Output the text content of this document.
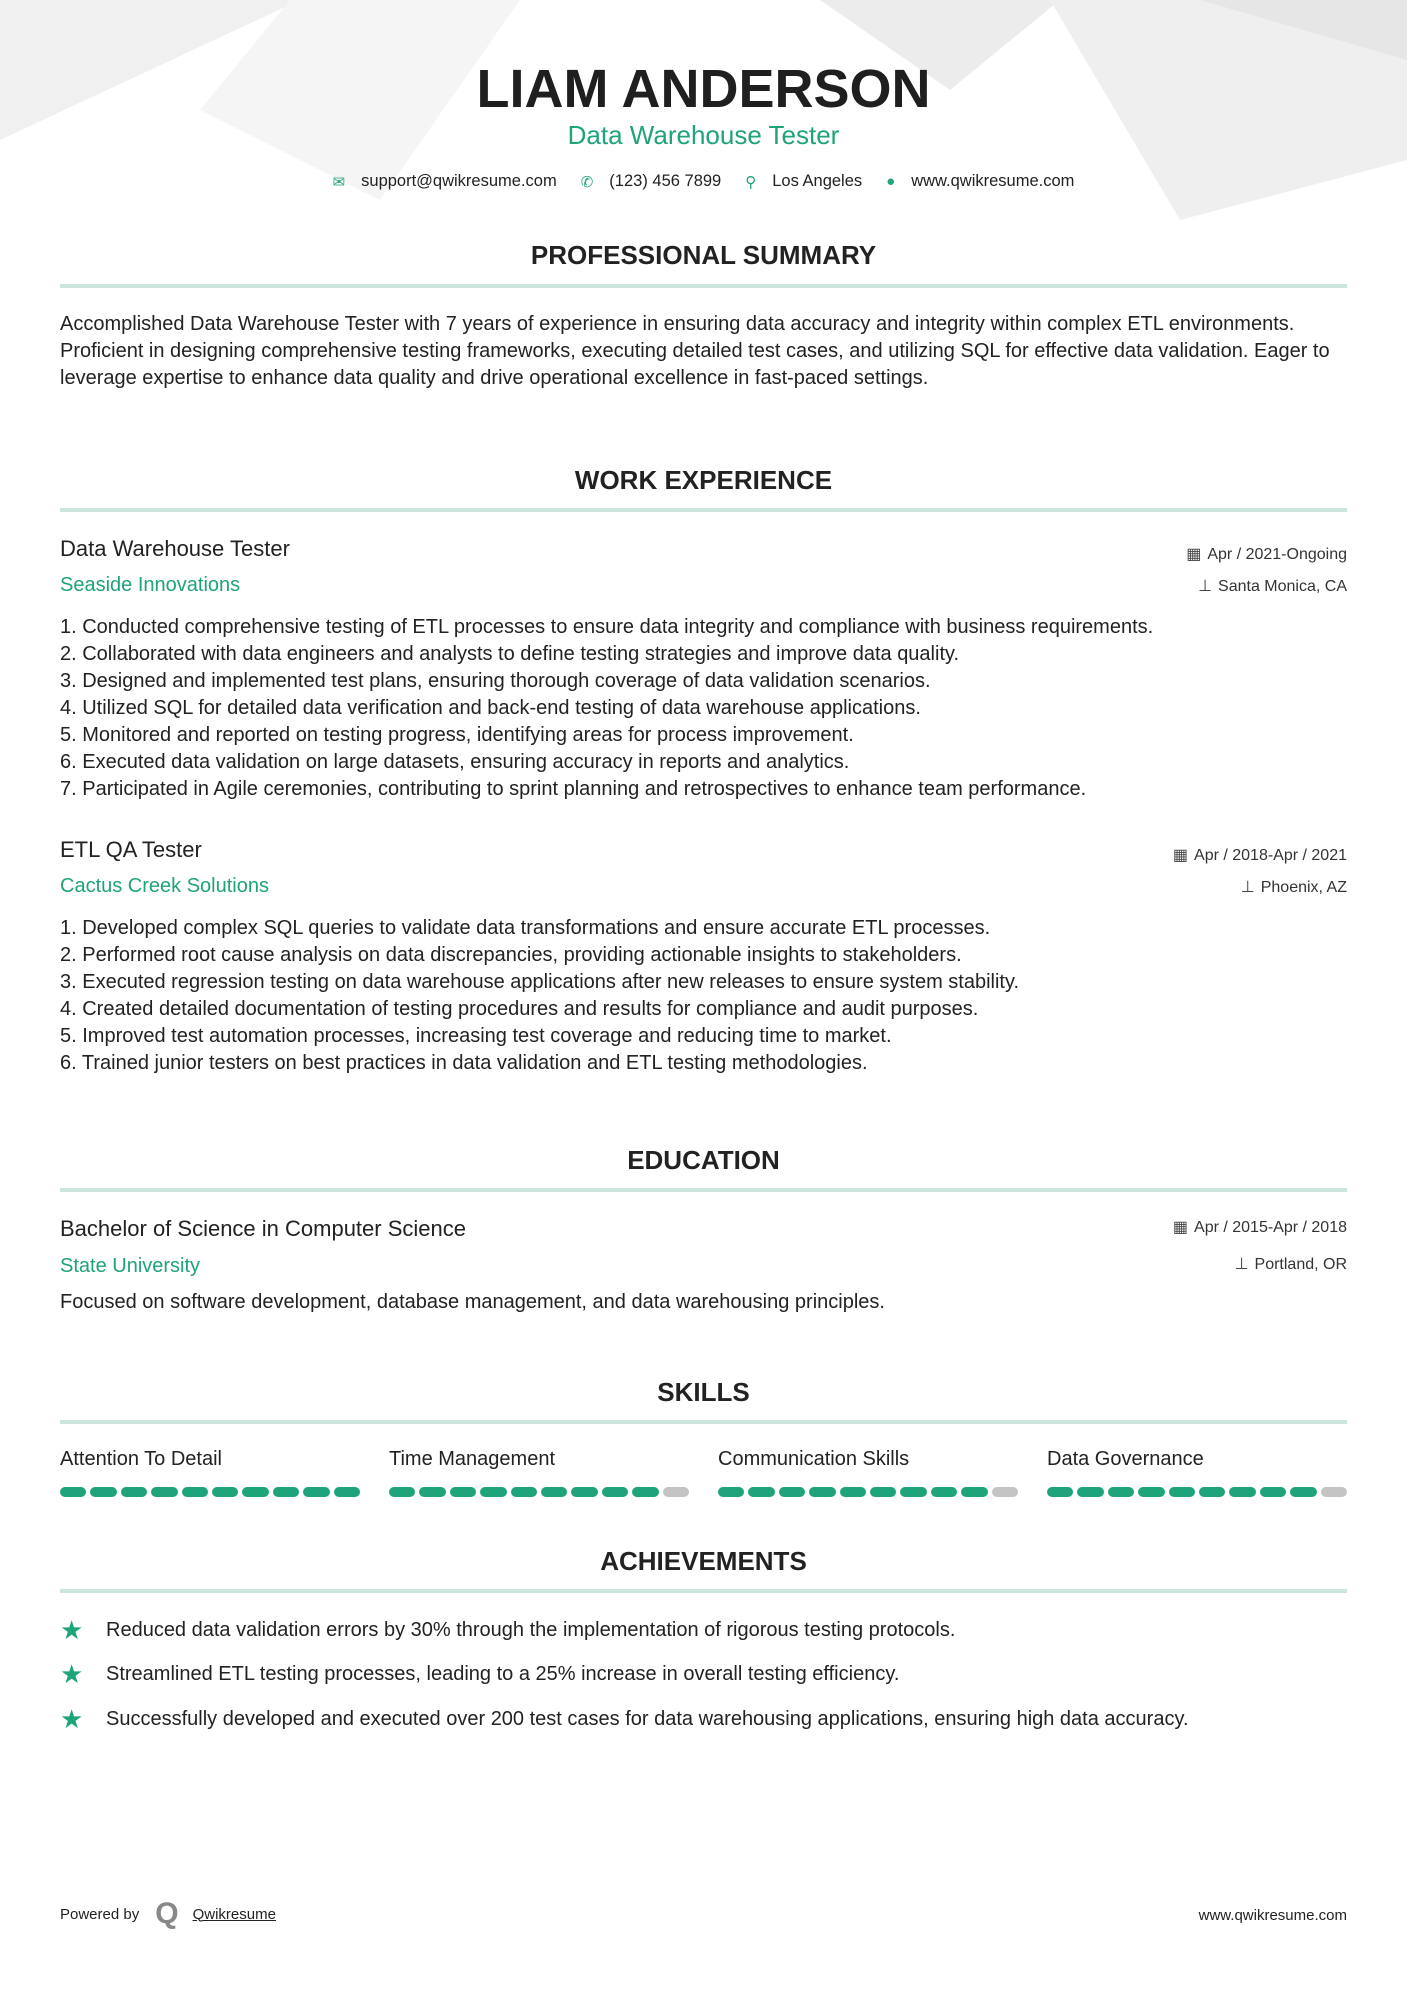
LIAM ANDERSON
Data Warehouse Tester
✉ support@qwikresume.com ✆ (123) 456 7899 ⚲ Los Angeles ● www.qwikresume.com
PROFESSIONAL SUMMARY
Accomplished Data Warehouse Tester with 7 years of experience in ensuring data accuracy and integrity within complex ETL environments. Proficient in designing comprehensive testing frameworks, executing detailed test cases, and utilizing SQL for effective data validation. Eager to leverage expertise to enhance data quality and drive operational excellence in fast-paced settings.
WORK EXPERIENCE
Data Warehouse Tester	▦ Apr / 2021-Ongoing
Seaside Innovations	⊥ Santa Monica, CA
1. Conducted comprehensive testing of ETL processes to ensure data integrity and compliance with business requirements.
2. Collaborated with data engineers and analysts to define testing strategies and improve data quality.
3. Designed and implemented test plans, ensuring thorough coverage of data validation scenarios.
4. Utilized SQL for detailed data verification and back-end testing of data warehouse applications.
5. Monitored and reported on testing progress, identifying areas for process improvement.
6. Executed data validation on large datasets, ensuring accuracy in reports and analytics.
7. Participated in Agile ceremonies, contributing to sprint planning and retrospectives to enhance team performance.
ETL QA Tester	▦ Apr / 2018-Apr / 2021
Cactus Creek Solutions	⊥ Phoenix, AZ
1. Developed complex SQL queries to validate data transformations and ensure accurate ETL processes.
2. Performed root cause analysis on data discrepancies, providing actionable insights to stakeholders.
3. Executed regression testing on data warehouse applications after new releases to ensure system stability.
4. Created detailed documentation of testing procedures and results for compliance and audit purposes.
5. Improved test automation processes, increasing test coverage and reducing time to market.
6. Trained junior testers on best practices in data validation and ETL testing methodologies.
EDUCATION
Bachelor of Science in Computer Science	▦ Apr / 2015-Apr / 2018
State University	⊥ Portland, OR
Focused on software development, database management, and data warehousing principles.
SKILLS
Attention To Detail	Time Management	Communication Skills	Data Governance
ACHIEVEMENTS
★	Reduced data validation errors by 30% through the implementation of rigorous testing protocols.
★	Streamlined ETL testing processes, leading to a 25% increase in overall testing efficiency.
★	Successfully developed and executed over 200 test cases for data warehousing applications, ensuring high data accuracy.
Powered by Q Qwikresume	www.qwikresume.com
